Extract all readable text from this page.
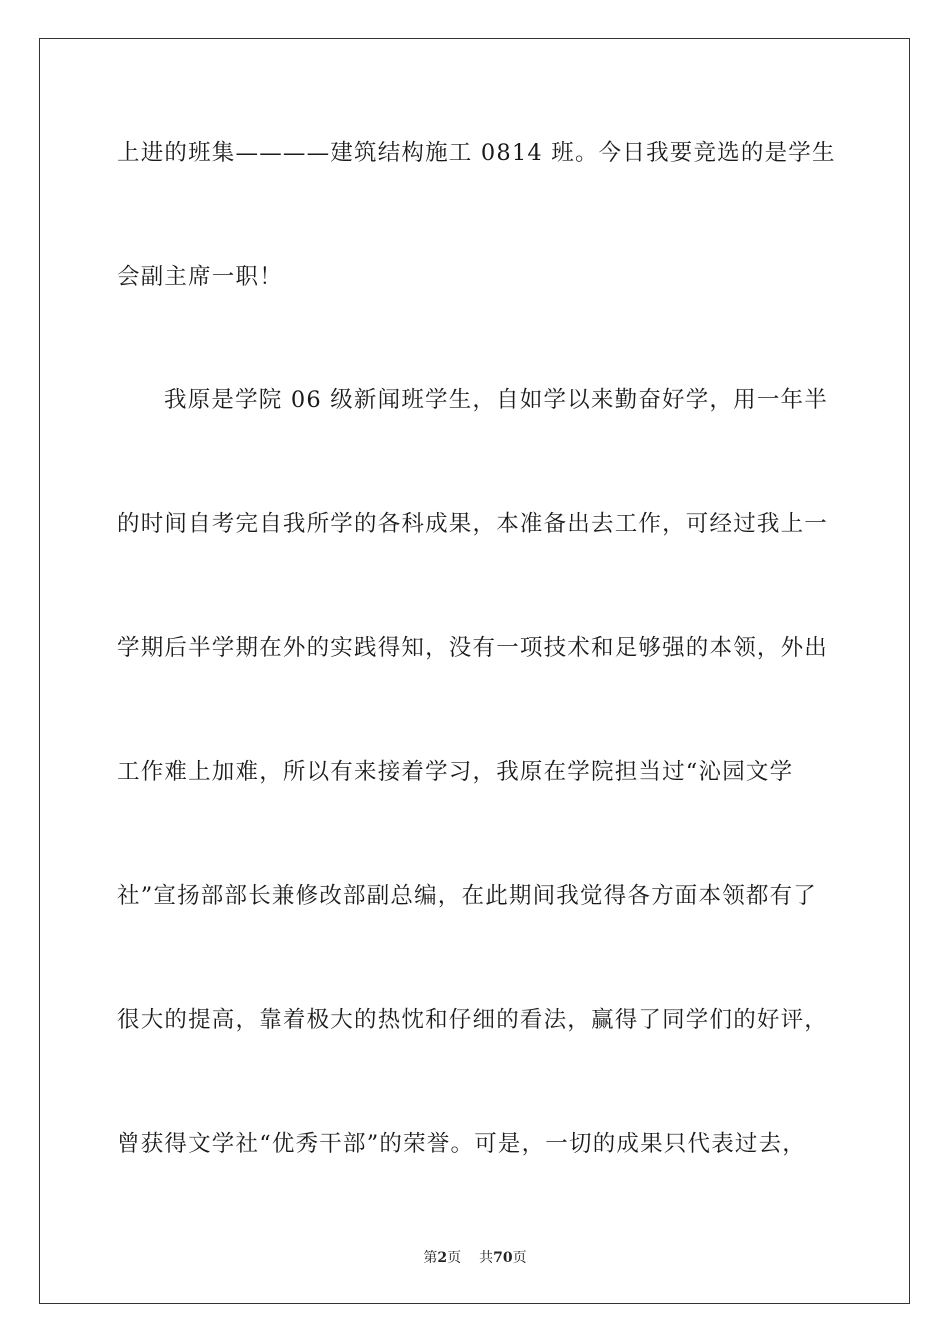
上进的班集————建筑结构施工 0814 班。今日我要竞选的是学生
会副主席一职！
我原是学院 06 级新闻班学生，自如学以来勤奋好学，用一年半
的时间自考完自我所学的各科成果，本准备出去工作，可经过我上一
学期后半学期在外的实践得知，没有一项技术和足够强的本领，外出
工作难上加难，所以有来接着学习，我原在学院担当过“沁园文学
社”宣扬部部长兼修改部副总编，在此期间我觉得各方面本领都有了
很大的提高，靠着极大的热忱和仔细的看法，赢得了同学们的好评，
曾获得文学社“优秀干部”的荣誉。可是，一切的成果只代表过去，
第2页 共70页
